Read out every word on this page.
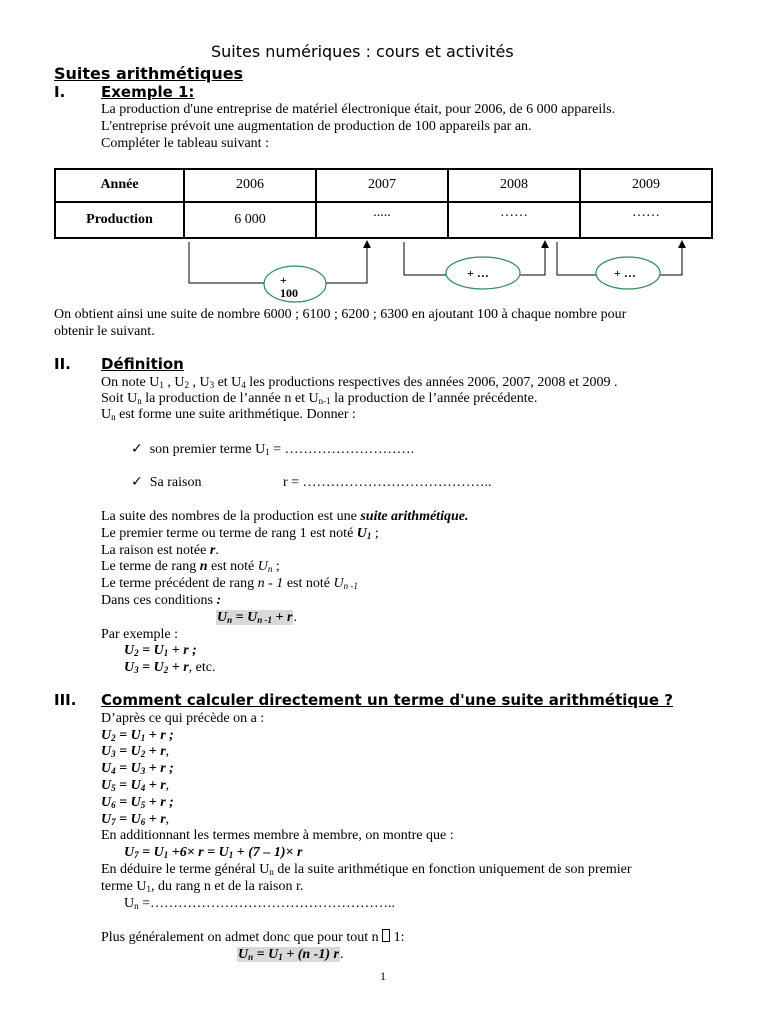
Suites numériques : cours et activités
Suites arithmétiques
I. Exemple 1:
La production d'une entreprise de matériel électronique était, pour 2006, de 6 000 appareils.
L'entreprise prévoit une augmentation de production de 100 appareils par an.
Compléter le tableau suivant :
Année	2006	2007	2008	2009
Production	6 000	.....	……	……
+
100
+ …	+ …
On obtient ainsi une suite de nombre 6000 ; 6100 ; 6200 ; 6300 en ajoutant 100 à chaque nombre pour
obtenir le suivant.
II. Définition
On note $U_1$ , $U_2$ , $U_3$ et $U_4$ les productions respectives des années 2006, 2007, 2008 et 2009 .
Soit $U_n$ la production de l’année n et $U_{n-1}$ la production de l’année précédente.
$U_n$ est forme une suite arithmétique. Donner :
✓ son premier terme $U_1$ = ……………………….
✓ Sa raison	r = …………………………………..
La suite des nombres de la production est une suite arithmétique.
Le premier terme ou terme de rang 1 est noté $U_1$ ;
La raison est notée r.
Le terme de rang n est noté $U_n$ ;
Le terme précédent de rang n - 1 est noté $U_{n -1}$
Dans ces conditions :
$U_n = U_{n -1} + r$.
Par exemple :
$U_2 = U_1 + r$ ;
$U_3 = U_2 + r$, etc.
III. Comment calculer directement un terme d'une suite arithmétique ?
D’après ce qui précède on a :
$U_2 = U_1 + r$ ;
$U_3 = U_2 + r$,
$U_4 = U_3 + r$ ;
$U_5 = U_4 + r$,
$U_6 = U_5 + r$ ;
$U_7 = U_6 + r$,
En additionnant les termes membre à membre, on montre que :
$U_7 = U_1 +6\times r = U_1 + (7 - 1)\times r$
En déduire le terme général $U_n$ de la suite arithmétique en fonction uniquement de son premier
terme $U_1$, du rang n et de la raison r.
$U_n$ =……………………………………………..
Plus généralement on admet donc que pour tout n  1:
$U_n = U_1 + (n$ -1) r.
1
